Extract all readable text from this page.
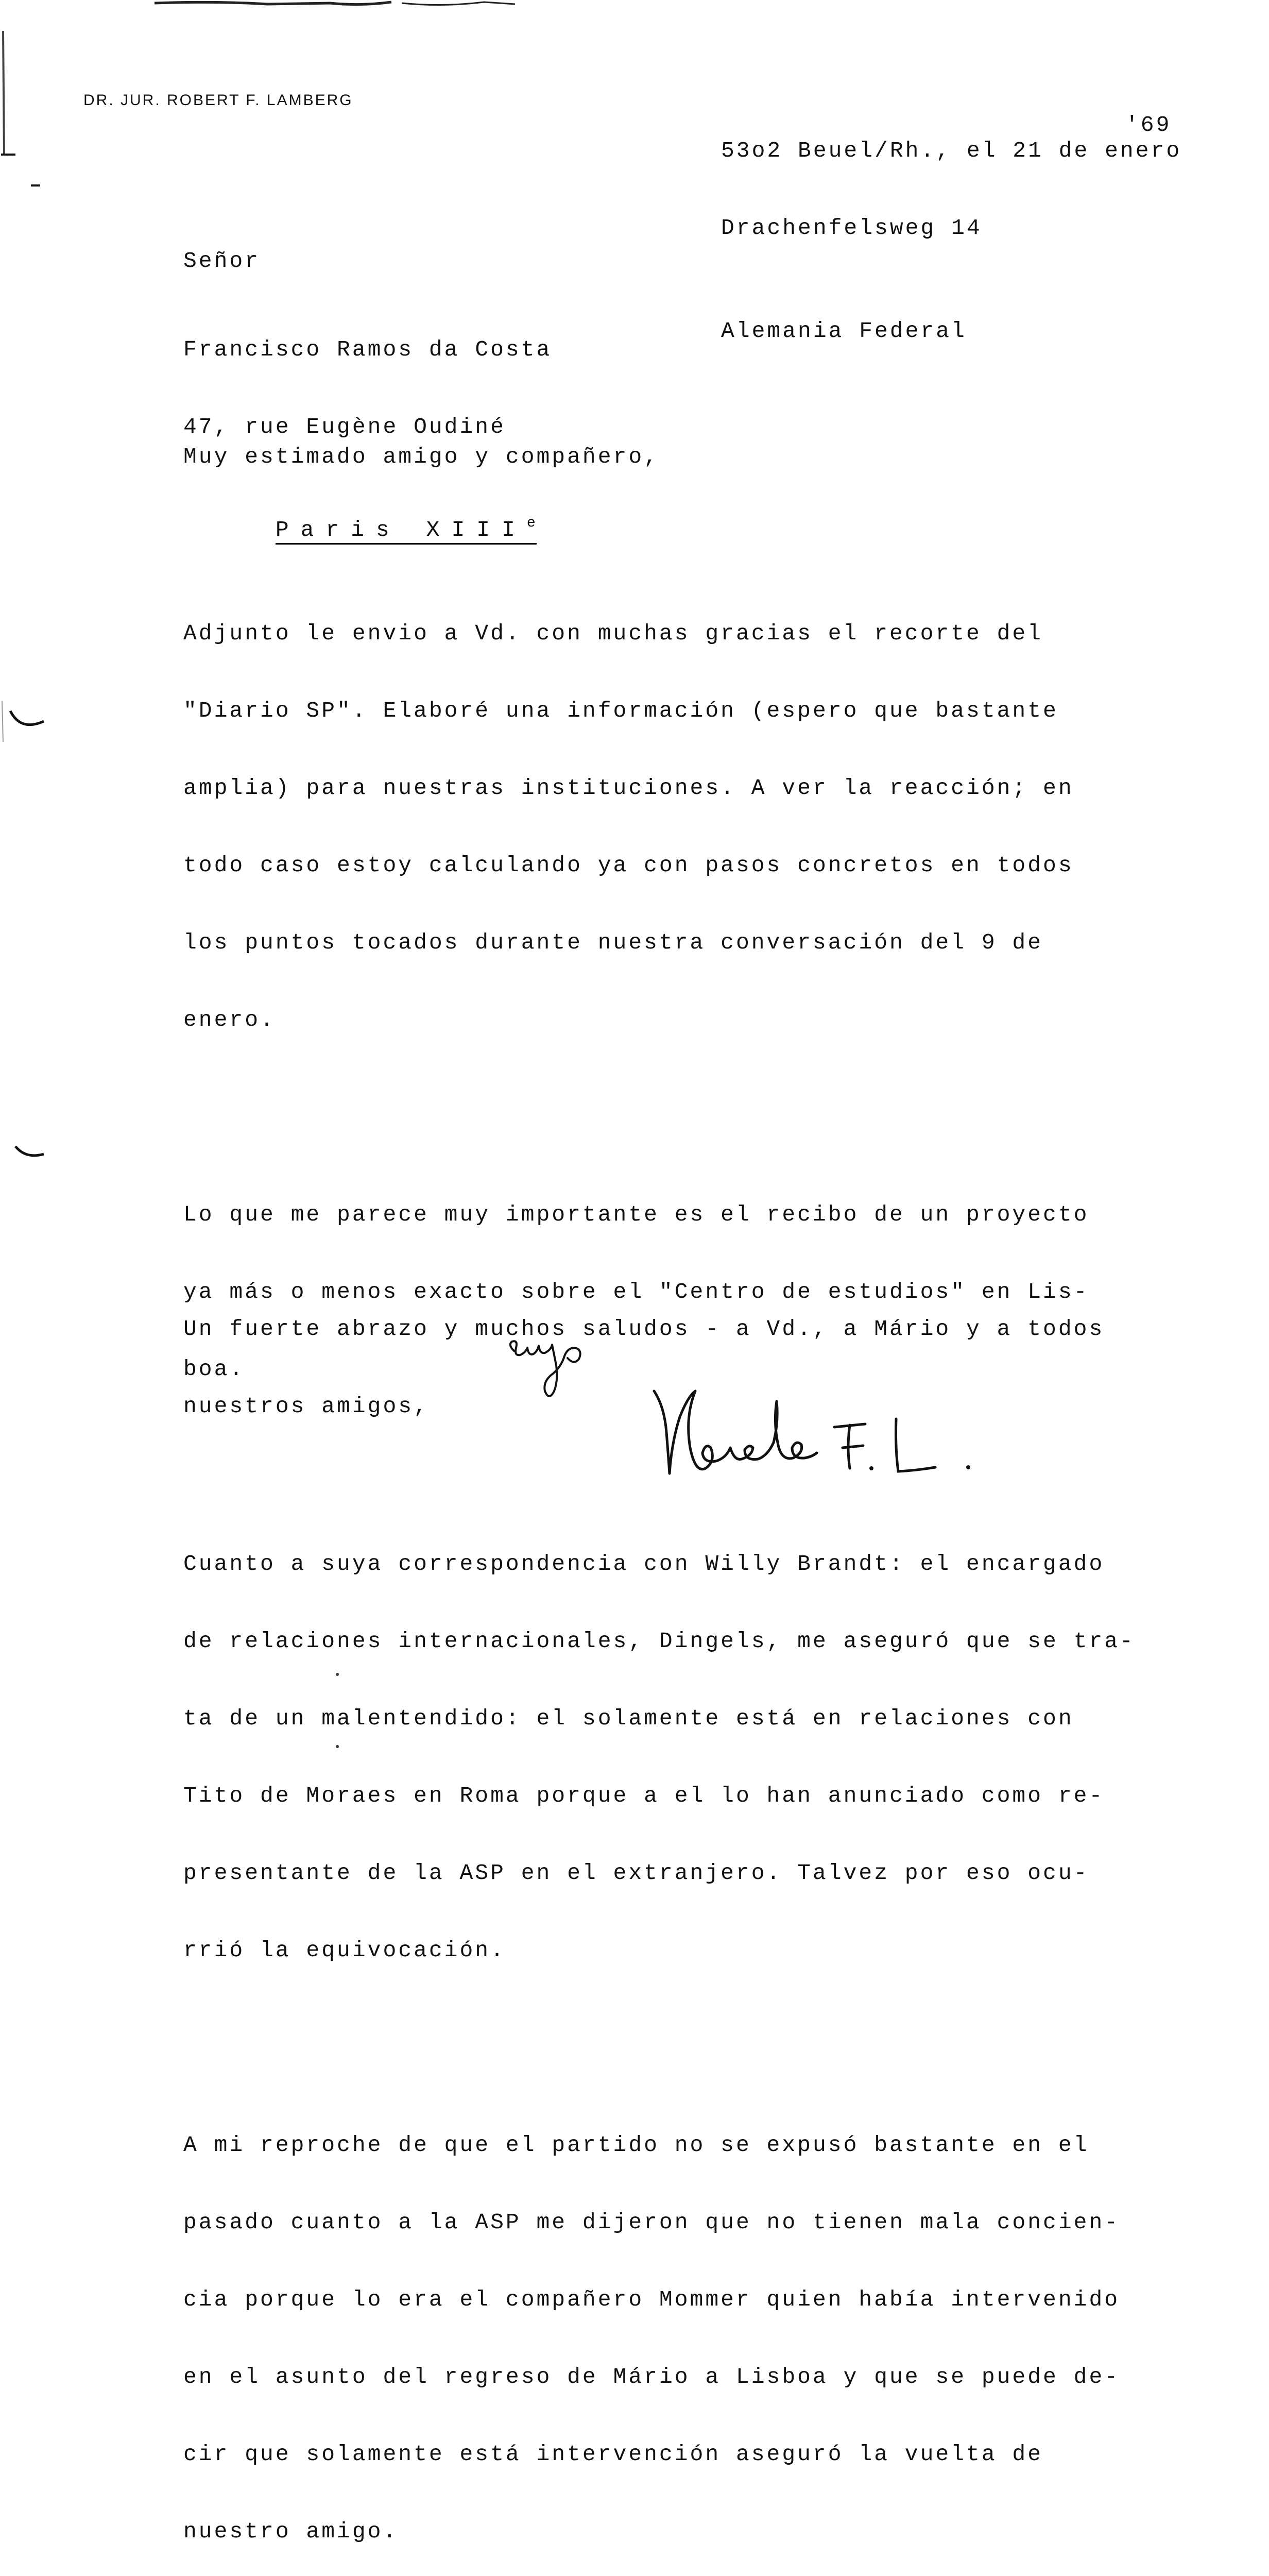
DR. JUR. ROBERT F. LAMBERG

53o2 Beuel/Rh., el 21 de enero

Drachenfelsweg 14

'69

Alemania Federal

Señor

Francisco Ramos da Costa

47, rue Eugène Oudiné

Paris XIIIe

Muy estimado amigo y compañero,

Adjunto le envio a Vd. con muchas gracias el recorte del

"Diario SP". Elaboré una información (espero que bastante

amplia) para nuestras instituciones. A ver la reacción; en

todo caso estoy calculando ya con pasos concretos en todos

los puntos tocados durante nuestra conversación del 9 de

enero.

Lo que me parece muy importante es el recibo de un proyecto

ya más o menos exacto sobre el "Centro de estudios" en Lis-

boa.

Cuanto a suya correspondencia con Willy Brandt: el encargado

de relaciones internacionales, Dingels, me aseguró que se tra-

ta de un malentendido: el solamente está en relaciones con

Tito de Moraes en Roma porque a el lo han anunciado como re-

presentante de la ASP en el extranjero. Talvez por eso ocu-

rrió la equivocación.

A mi reproche de que el partido no se expusó bastante en el

pasado cuanto a la ASP me dijeron que no tienen mala concien-

cia porque lo era el compañero Mommer quien había intervenido

en el asunto del regreso de Mário a Lisboa y que se puede de-

cir que solamente está intervención aseguró la vuelta de

nuestro amigo.

Un fuerte abrazo y muchos saludos - a Vd., a Mário y a todos

nuestros amigos,
